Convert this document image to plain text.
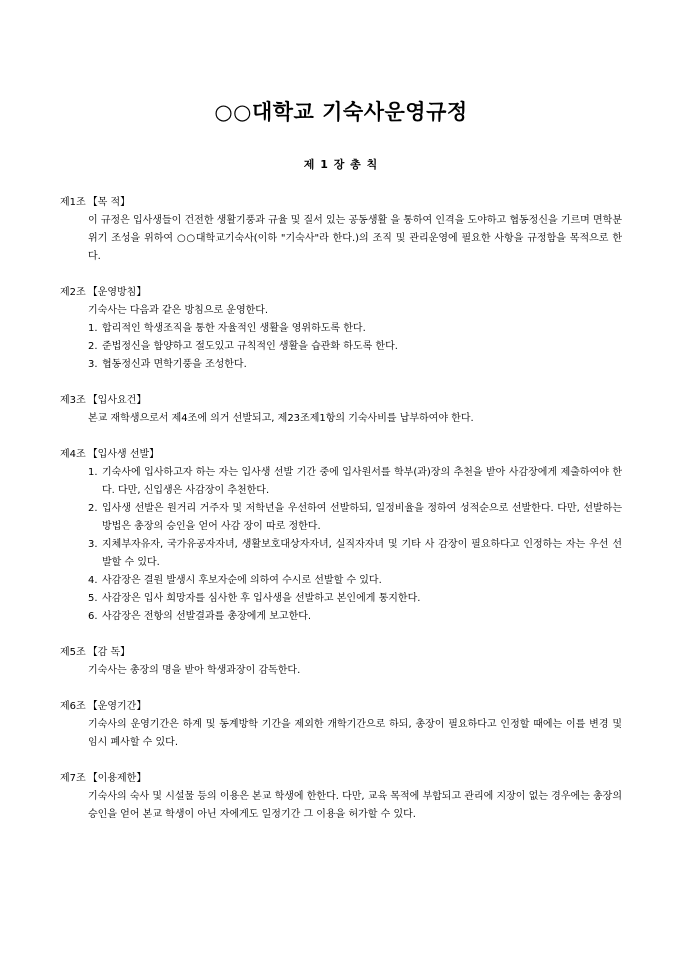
○○대학교 기숙사운영규정
제 1 장 총 칙

제1조 【목 적】

이 규정은 입사생들이 건전한 생활기풍과 규율 및 질서 있는 공동생활 을 통하여 인격을 도야하고 협동정신을 기르며 면학분위기 조성을 위하여 ○○대학교기숙사(이하 "기숙사"라 한다.)의 조직 및 관리운영에 필요한 사항을 규정함을 목적으로 한다.

제2조 【운영방침】

기숙사는 다음과 같은 방침으로 운영한다.

1. 합리적인 학생조직을 통한 자율적인 생활을 영위하도록 한다.
2. 준법정신을 함양하고 절도있고 규칙적인 생활을 습관화 하도록 한다.
3. 협동정신과 면학기풍을 조성한다.

제3조 【입사요건】

본교 재학생으로서 제4조에 의거 선발되고, 제23조제1항의 기숙사비를 납부하여야 한다.

제4조 【입사생 선발】

1. 기숙사에 입사하고자 하는 자는 입사생 선발 기간 중에 입사원서를 학부(과)장의 추천을 받아 사감장에게 제출하여야 한다. 다만, 신입생은 사감장이 추천한다.
2. 입사생 선발은 원거리 거주자 및 저학년을 우선하여 선발하되, 일정비율을 정하여 성적순으로 선발한다. 다만, 선발하는 방법은 총장의 승인을 얻어 사감 장이 따로 정한다.
3. 지체부자유자, 국가유공자자녀, 생활보호대상자자녀, 실직자자녀 및 기타 사 감장이 필요하다고 인정하는 자는 우선 선발할 수 있다.
4. 사감장은 결원 발생시 후보자순에 의하여 수시로 선발할 수 있다.
5. 사감장은 입사 희망자를 심사한 후 입사생을 선발하고 본인에게 통지한다.
6. 사감장은 전항의 선발결과를 총장에게 보고한다.

제5조 【감 독】

기숙사는 총장의 명을 받아 학생과장이 감독한다.

제6조 【운영기간】

기숙사의 운영기간은 하계 및 동계방학 기간을 제외한 개학기간으로 하되, 총장이 필요하다고 인정할 때에는 이를 변경 및 임시 폐사할 수 있다.

제7조 【이용제한】

기숙사의 숙사 및 시설물 등의 이용은 본교 학생에 한한다. 다만, 교육 목적에 부합되고 관리에 지장이 없는 경우에는 총장의 승인을 얻어 본교 학생이 아닌 자에게도 일정기간 그 이용을 허가할 수 있다.
